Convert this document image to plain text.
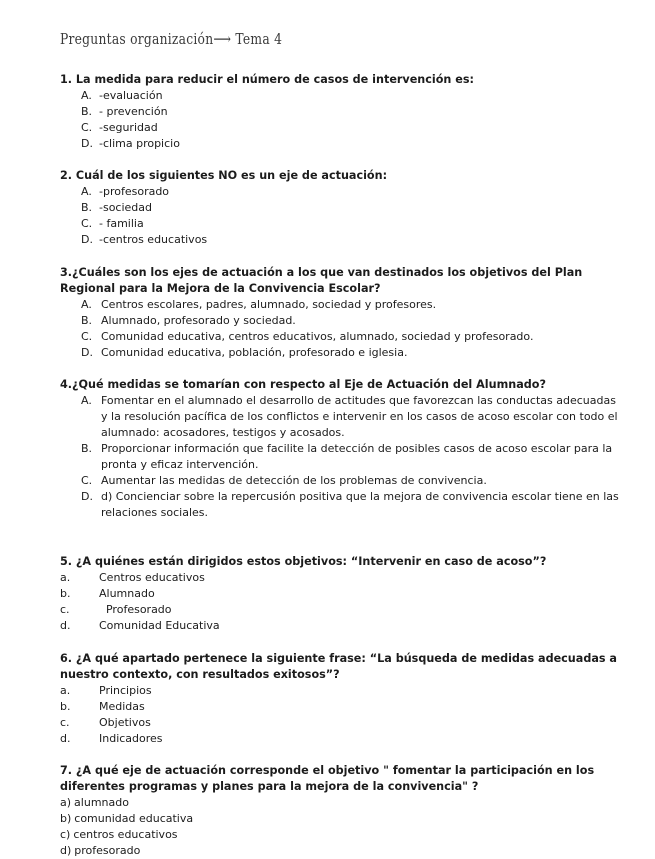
Preguntas organización⟶ Tema 4

1. La medida para reducir el número de casos de intervención es:

A. -evaluación
B. - prevención
C. -seguridad
D. -clima propicio

2. Cuál de los siguientes NO es un eje de actuación:

A. -profesorado
B. -sociedad
C. - familia
D. -centros educativos

3.¿Cuáles son los ejes de actuación a los que van destinados los objetivos del Plan Regional para la Mejora de la Convivencia Escolar?

A. Centros escolares, padres, alumnado, sociedad y profesores.
B. Alumnado, profesorado y sociedad.
C. Comunidad educativa, centros educativos, alumnado, sociedad y profesorado.
D. Comunidad educativa, población, profesorado e iglesia.

4.¿Qué medidas se tomarían con respecto al Eje de Actuación del Alumnado?

A. Fomentar en el alumnado el desarrollo de actitudes que favorezcan las conductas adecuadas y la resolución pacífica de los conflictos e intervenir en los casos de acoso escolar con todo el alumnado: acosadores, testigos y acosados.
B. Proporcionar información que facilite la detección de posibles casos de acoso escolar para la pronta y eficaz intervención.
C. Aumentar las medidas de detección de los problemas de convivencia.
D. d) Concienciar sobre la repercusión positiva que la mejora de convivencia escolar tiene en las relaciones sociales.

5. ¿A quiénes están dirigidos estos objetivos: “Intervenir en caso de acoso”?

a.	Centros educativos
b.	Alumnado
c.	Profesorado
d.	Comunidad Educativa

6. ¿A qué apartado pertenece la siguiente frase: “La búsqueda de medidas adecuadas a nuestro contexto, con resultados exitosos”?

a.	Principios
b.	Medidas
c.	Objetivos
d.	Indicadores

7. ¿A qué eje de actuación corresponde el objetivo " fomentar la participación en los diferentes programas y planes para la mejora de la convivencia" ?

a) alumnado
b) comunidad educativa
c) centros educativos
d) profesorado
